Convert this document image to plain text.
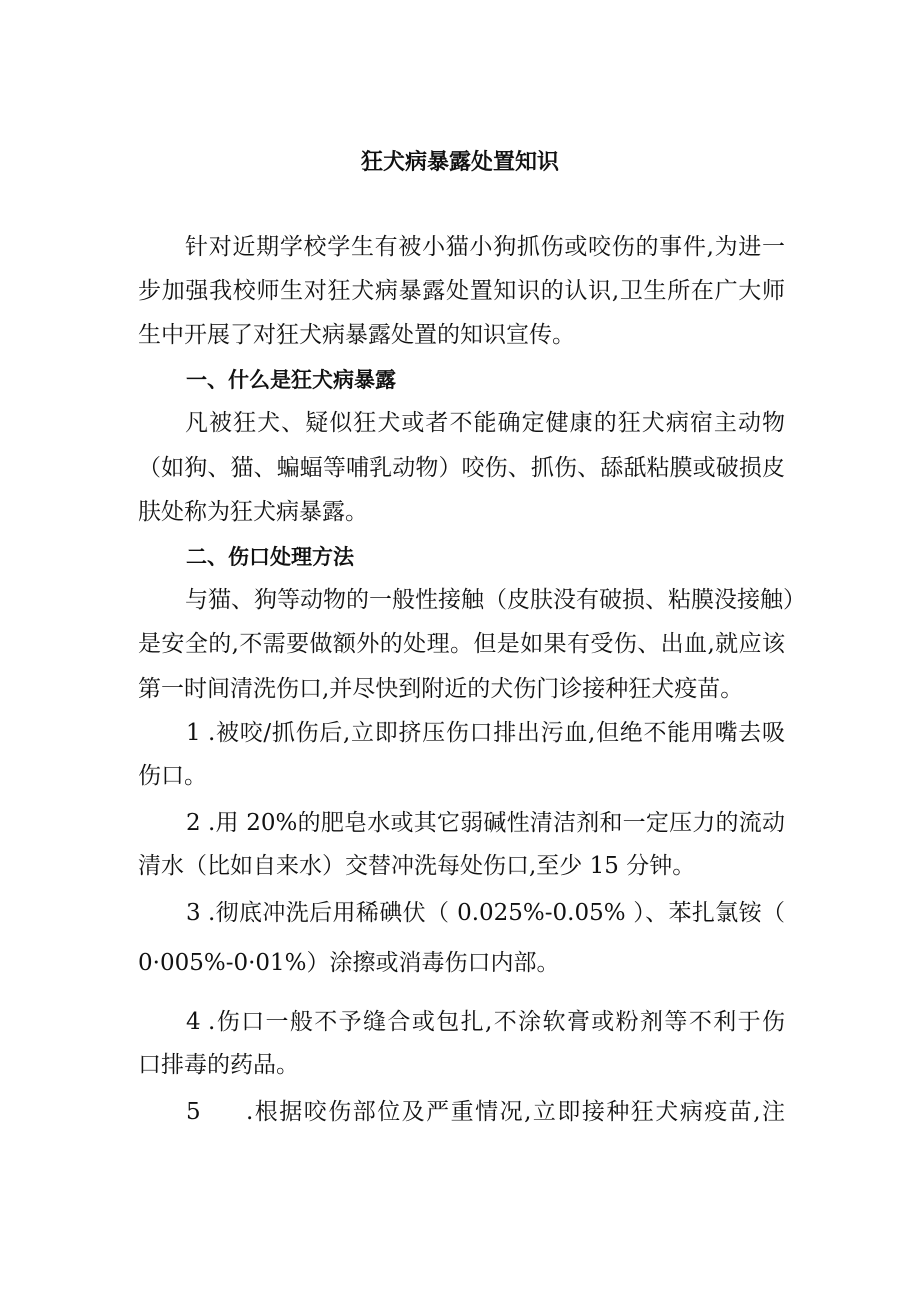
狂犬病暴露处置知识
针对近期学校学生有被小猫小狗抓伤或咬伤的事件,为进一
步加强我校师生对狂犬病暴露处置知识的认识,卫生所在广大师
生中开展了对狂犬病暴露处置的知识宣传。
一、什么是狂犬病暴露
凡被狂犬、疑似狂犬或者不能确定健康的狂犬病宿主动物
（如狗、猫、蝙蝠等哺乳动物）咬伤、抓伤、舔舐粘膜或破损皮
肤处称为狂犬病暴露。
二、伤口处理方法
与猫、狗等动物的一般性接触（皮肤没有破损、粘膜没接触）
是安全的,不需要做额外的处理。但是如果有受伤、出血,就应该
第一时间清洗伤口,并尽快到附近的犬伤门诊接种狂犬疫苗。
1 .被咬/抓伤后,立即挤压伤口排出污血,但绝不能用嘴去吸
伤口。
2 .用 20%的肥皂水或其它弱碱性清洁剂和一定压力的流动
清水（比如自来水）交替冲洗每处伤口,至少 15 分钟。
3 .彻底冲洗后用稀碘伏（ 0.025%-0.05% ）、苯扎氯铵（
0·005%-0·01%）涂擦或消毒伤口内部。
4 .伤口一般不予缝合或包扎,不涂软膏或粉剂等不利于伤
口排毒的药品。
5 .根据咬伤部位及严重情况,立即接种狂犬病疫苗,注
